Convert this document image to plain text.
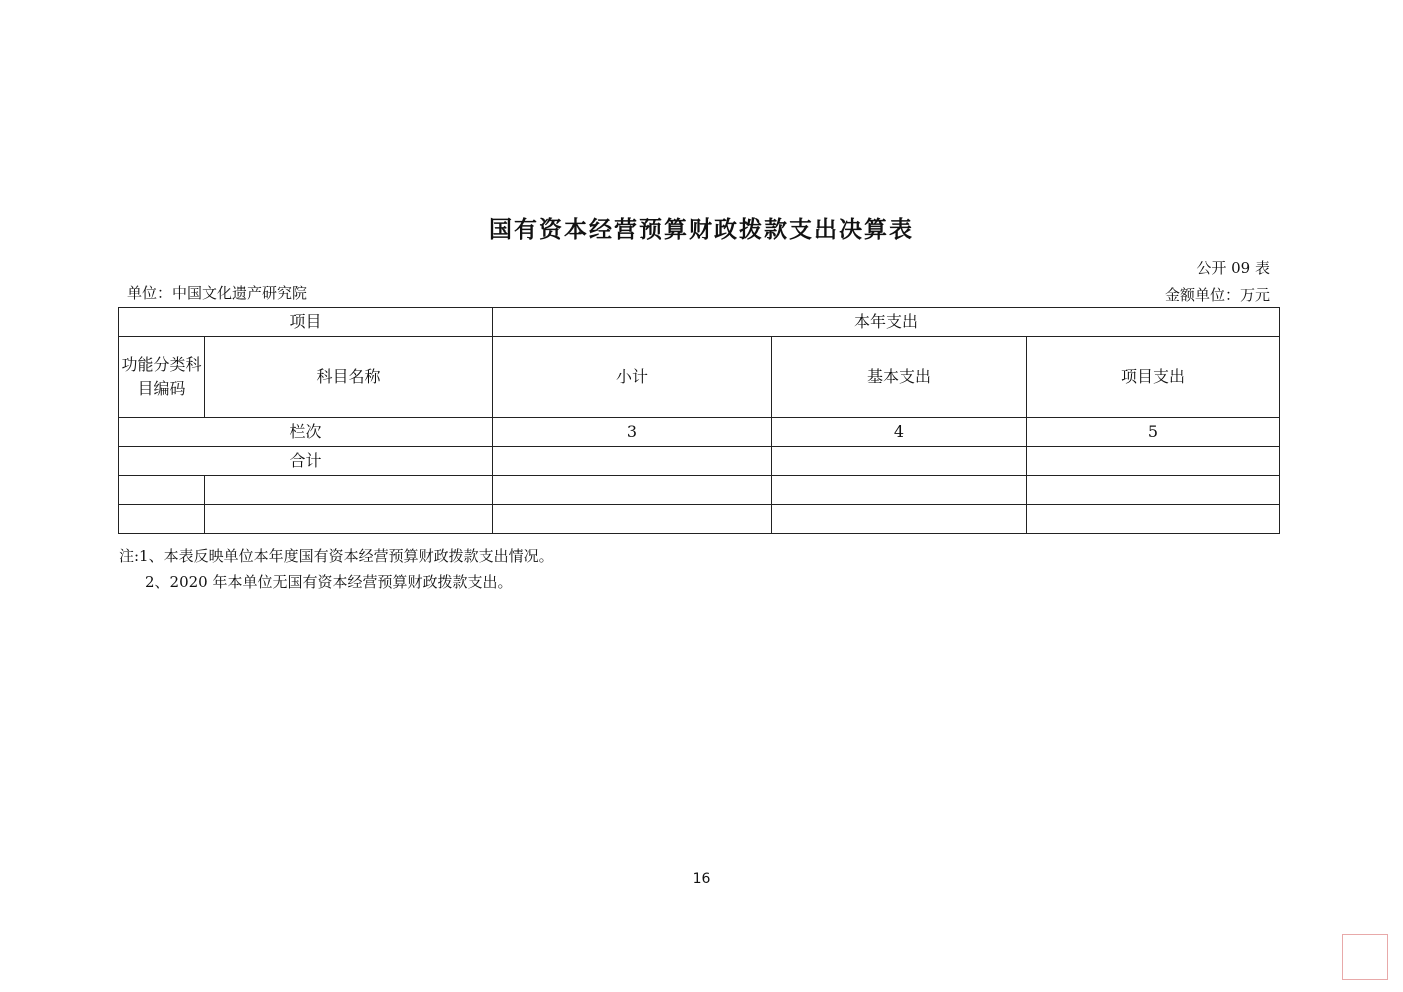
国有资本经营预算财政拨款支出决算表
公开 09 表
单位：中国文化遗产研究院	金额单位：万元
项目		本年支出		
功能分类科目编码	科目名称	小计	基本支出	项目支出
栏次		3	4	5
合计				

注:1、本表反映单位本年度国有资本经营预算财政拨款支出情况。
2、2020 年本单位无国有资本经营预算财政拨款支出。
16
